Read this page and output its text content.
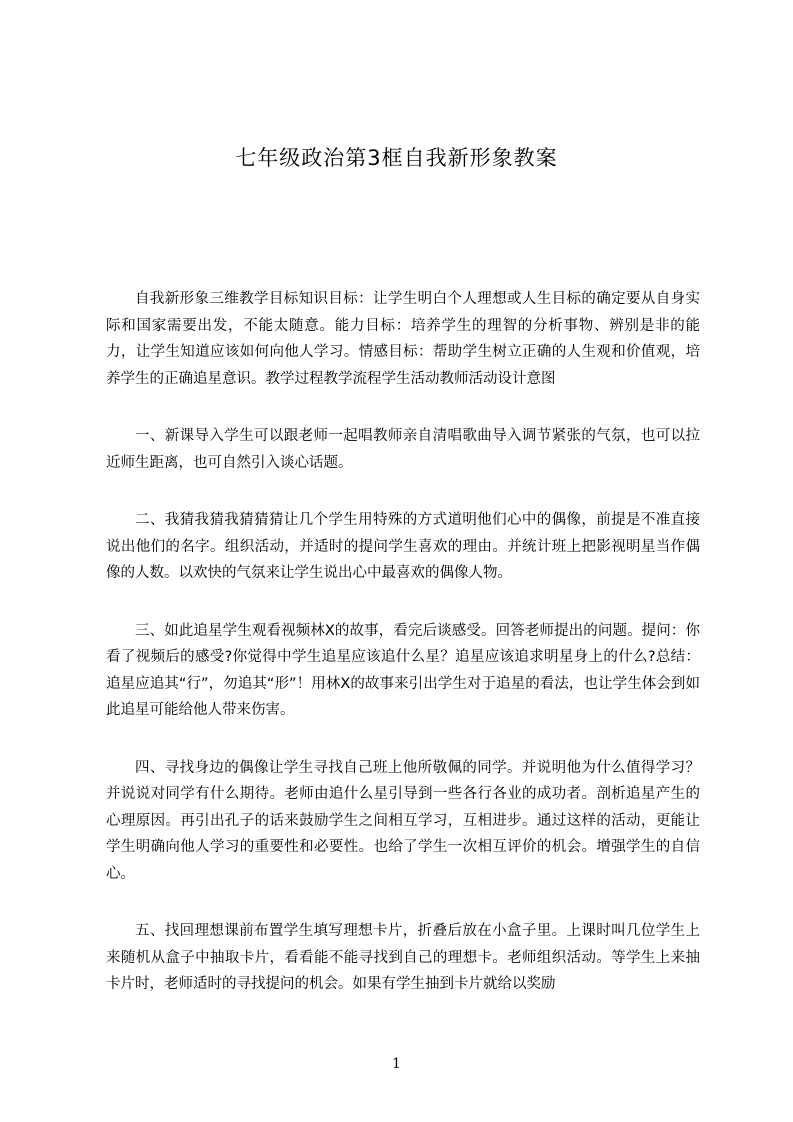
七年级政治第3框自我新形象教案

自我新形象三维教学目标知识目标：让学生明白个人理想或人生目标的确定要从自身实际和国家需要出发，不能太随意。能力目标：培养学生的理智的分析事物、辨别是非的能力，让学生知道应该如何向他人学习。情感目标：帮助学生树立正确的人生观和价值观，培养学生的正确追星意识。教学过程教学流程学生活动教师活动设计意图

一、新课导入学生可以跟老师一起唱教师亲自清唱歌曲导入调节紧张的气氛，也可以拉近师生距离，也可自然引入谈心话题。

二、我猜我猜我猜猜猜让几个学生用特殊的方式道明他们心中的偶像，前提是不准直接说出他们的名字。组织活动，并适时的提问学生喜欢的理由。并统计班上把影视明星当作偶像的人数。以欢快的气氛来让学生说出心中最喜欢的偶像人物。

三、如此追星学生观看视频林X的故事，看完后谈感受。回答老师提出的问题。提问：你看了视频后的感受?你觉得中学生追星应该追什么星？追星应该追求明星身上的什么?总结：追星应追其“行”，勿追其“形”！用林X的故事来引出学生对于追星的看法，也让学生体会到如此追星可能给他人带来伤害。

四、寻找身边的偶像让学生寻找自己班上他所敬佩的同学。并说明他为什么值得学习？并说说对同学有什么期待。老师由追什么星引导到一些各行各业的成功者。剖析追星产生的心理原因。再引出孔子的话来鼓励学生之间相互学习，互相进步。通过这样的活动，更能让学生明确向他人学习的重要性和必要性。也给了学生一次相互评价的机会。增强学生的自信心。

五、找回理想课前布置学生填写理想卡片，折叠后放在小盒子里。上课时叫几位学生上来随机从盒子中抽取卡片，看看能不能寻找到自己的理想卡。老师组织活动。等学生上来抽卡片时，老师适时的寻找提问的机会。如果有学生抽到卡片就给以奖励

1
